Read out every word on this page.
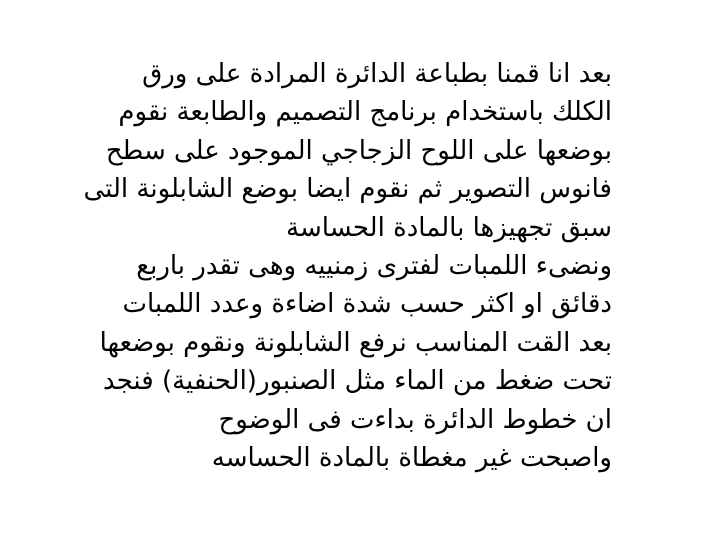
بعد انا قمنا بطباعة الدائرة المرادة على ورق
الكلك باستخدام برنامج التصميم والطابعة نقوم
بوضعها على اللوح الزجاجي الموجود على سطح
فانوس التصوير ثم نقوم ايضا بوضع الشابلونة التى
سبق تجهيزها بالمادة الحساسة
ونضىء اللمبات لفترى زمنييه وهى تقدر باربع
دقائق او اكثر حسب شدة اضاءة وعدد اللمبات
بعد القت المناسب نرفع الشابلونة ونقوم بوضعها
تحت ضغط من الماء مثل الصنبور(الحنفية) فنجد
ان خطوط الدائرة بداءت فى الوضوح
واصبحت غير مغطاة بالمادة الحساسه
